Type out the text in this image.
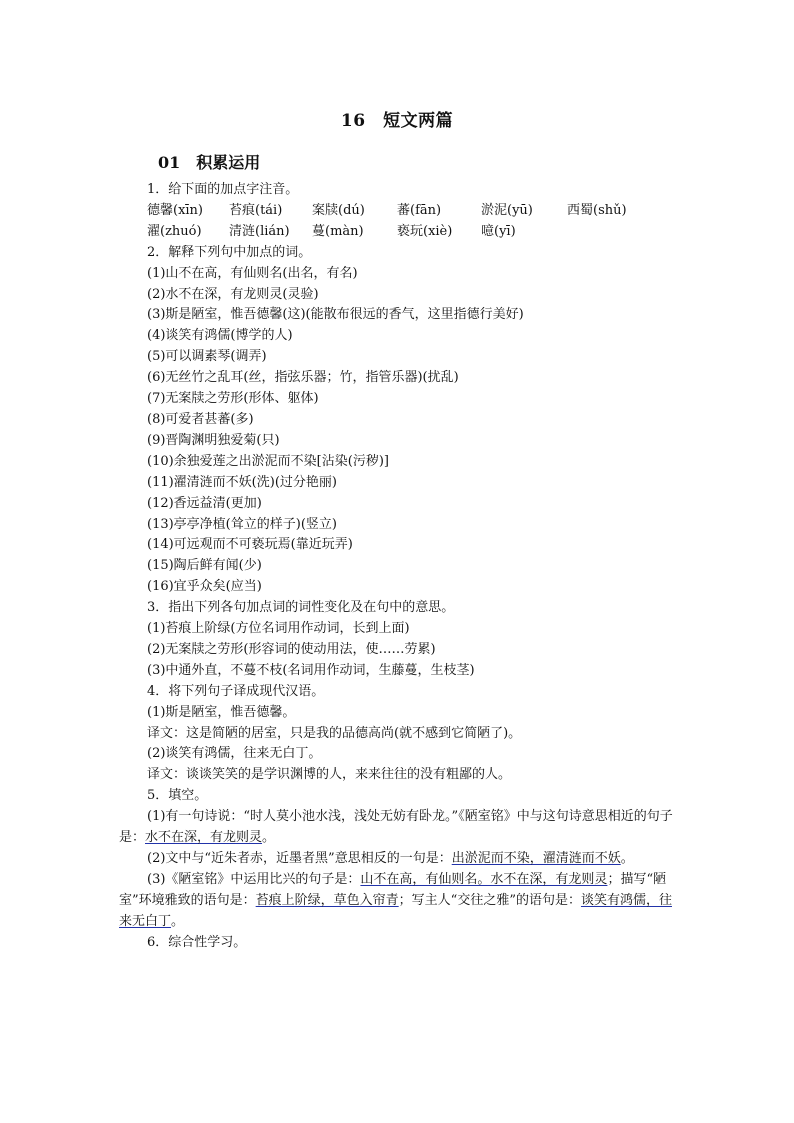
16　短文两篇
01　积累运用
1．给下面的加点字注音。
德馨(xīn) 苔痕(tái) 案牍(dú) 蕃(fān)	淤泥(yū)	西蜀(shǔ)
濯(zhuó) 清涟(lián) 蔓(màn)	亵玩(xiè) 噫(yī)
2．解释下列句中加点的词。
(1)山不在高，有仙则名(出名，有名)
(2)水不在深，有龙则灵(灵验)
(3)斯是陋室，惟吾德馨(这)(能散布很远的香气，这里指德行美好)
(4)谈笑有鸿儒(博学的人)
(5)可以调素琴(调弄)
(6)无丝竹之乱耳(丝，指弦乐器；竹，指管乐器)(扰乱)
(7)无案牍之劳形(形体、躯体)
(8)可爱者甚蕃(多)
(9)晋陶渊明独爱菊(只)
(10)余独爱莲之出淤泥而不染[沾染(污秽)]
(11)濯清涟而不妖(洗)(过分艳丽)
(12)香远益清(更加)
(13)亭亭净植(耸立的样子)(竖立)
(14)可远观而不可亵玩焉(靠近玩弄)
(15)陶后鲜有闻(少)
(16)宜乎众矣(应当)
3．指出下列各句加点词的词性变化及在句中的意思。
(1)苔痕上阶绿(方位名词用作动词，长到上面)
(2)无案牍之劳形(形容词的使动用法，使……劳累)
(3)中通外直，不蔓不枝(名词用作动词，生藤蔓，生枝茎)
4．将下列句子译成现代汉语。
(1)斯是陋室，惟吾德馨。
译文：这是简陋的居室，只是我的品德高尚(就不感到它简陋了)。
(2)谈笑有鸿儒，往来无白丁。
译文：谈谈笑笑的是学识渊博的人，来来往往的没有粗鄙的人。
5．填空。
(1)有一句诗说：“时人莫小池水浅，浅处无妨有卧龙。”《陋室铭》中与这句诗意思相近的句子是：水不在深，有龙则灵。
(2)文中与“近朱者赤，近墨者黑”意思相反的一句是：出淤泥而不染，濯清涟而不妖。
(3)《陋室铭》中运用比兴的句子是：山不在高，有仙则名。水不在深，有龙则灵；描写“陋室”环境雅致的语句是：苔痕上阶绿，草色入帘青；写主人“交往之雅”的语句是：谈笑有鸿儒，往来无白丁。
6．综合性学习。
